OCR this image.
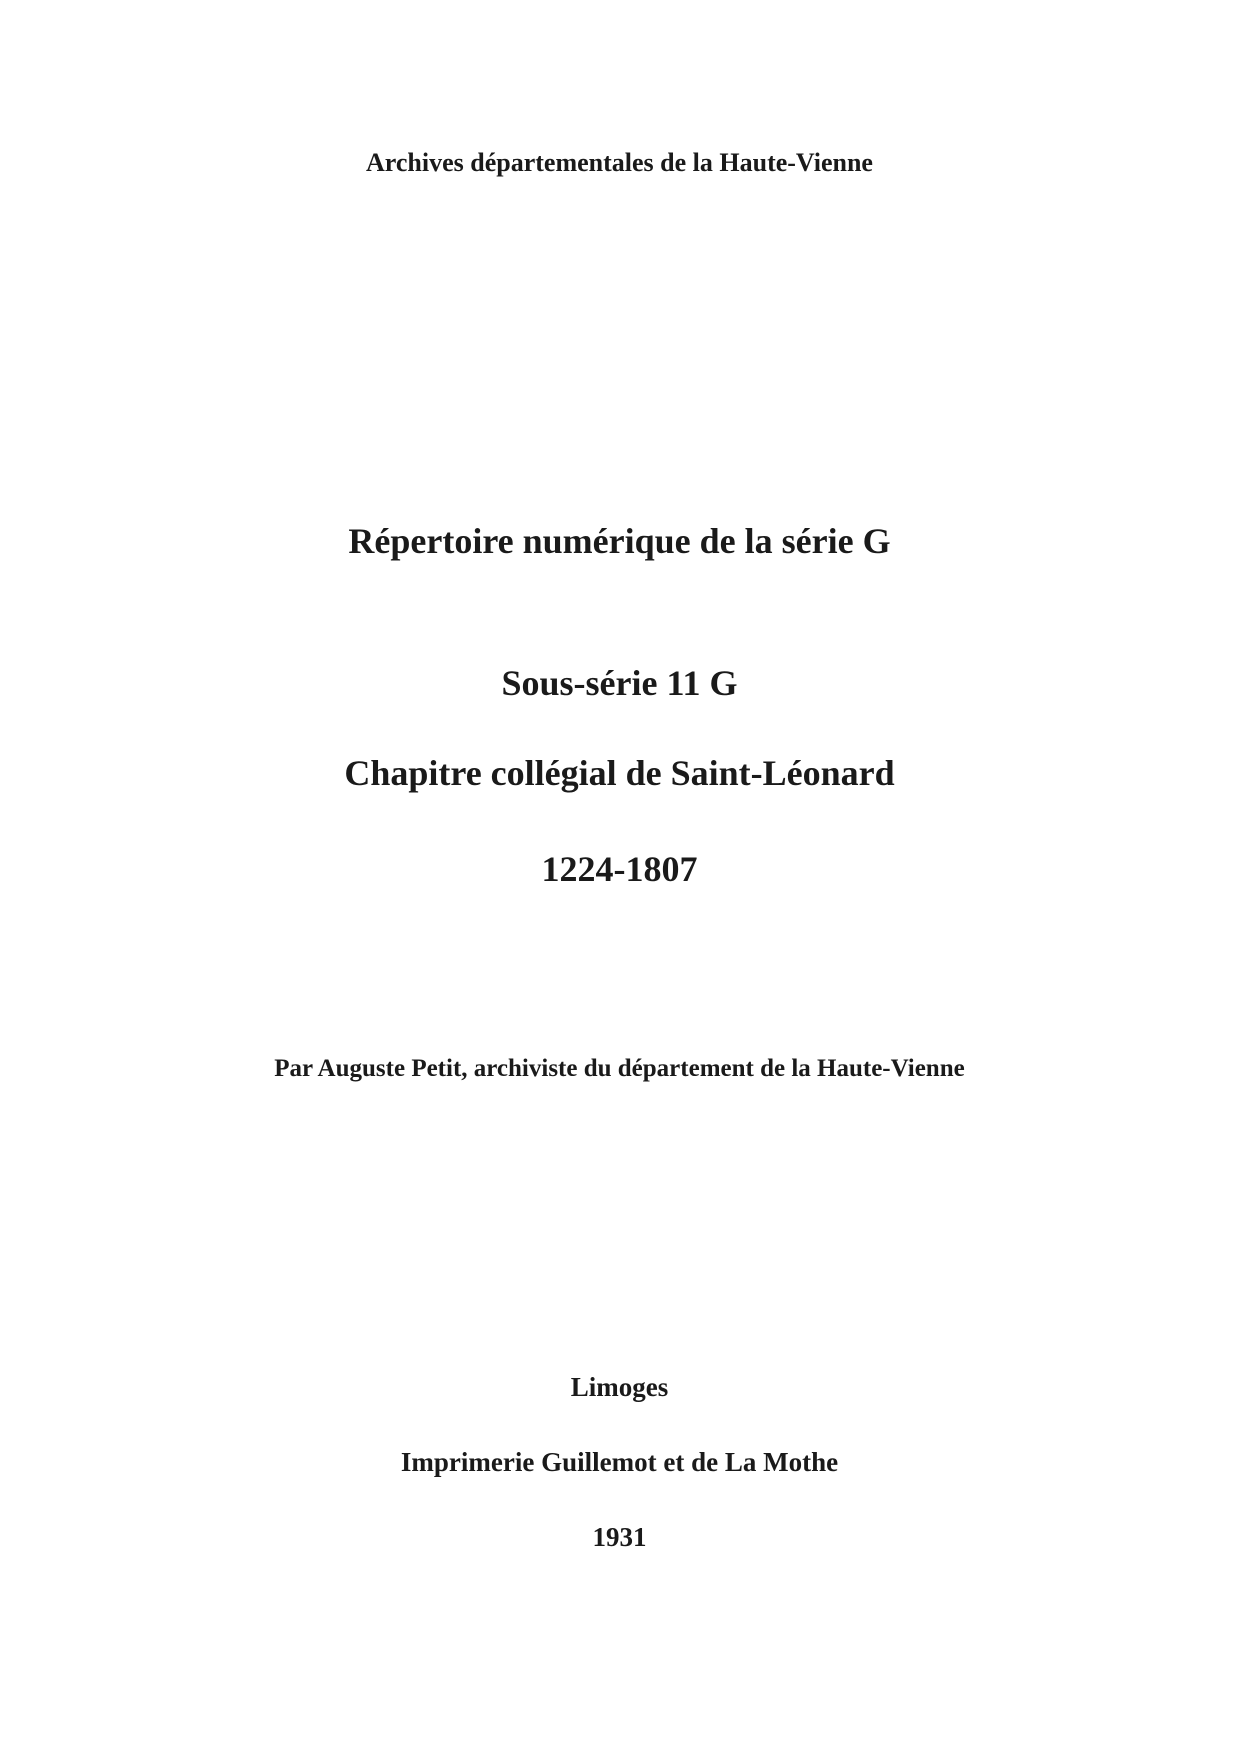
Archives départementales de la Haute-Vienne

Répertoire numérique de la série G
Sous-série 11 G
Chapitre collégial de Saint-Léonard
1224-1807

Par Auguste Petit, archiviste du département de la Haute-Vienne

Limoges

Imprimerie Guillemot et de La Mothe

1931
